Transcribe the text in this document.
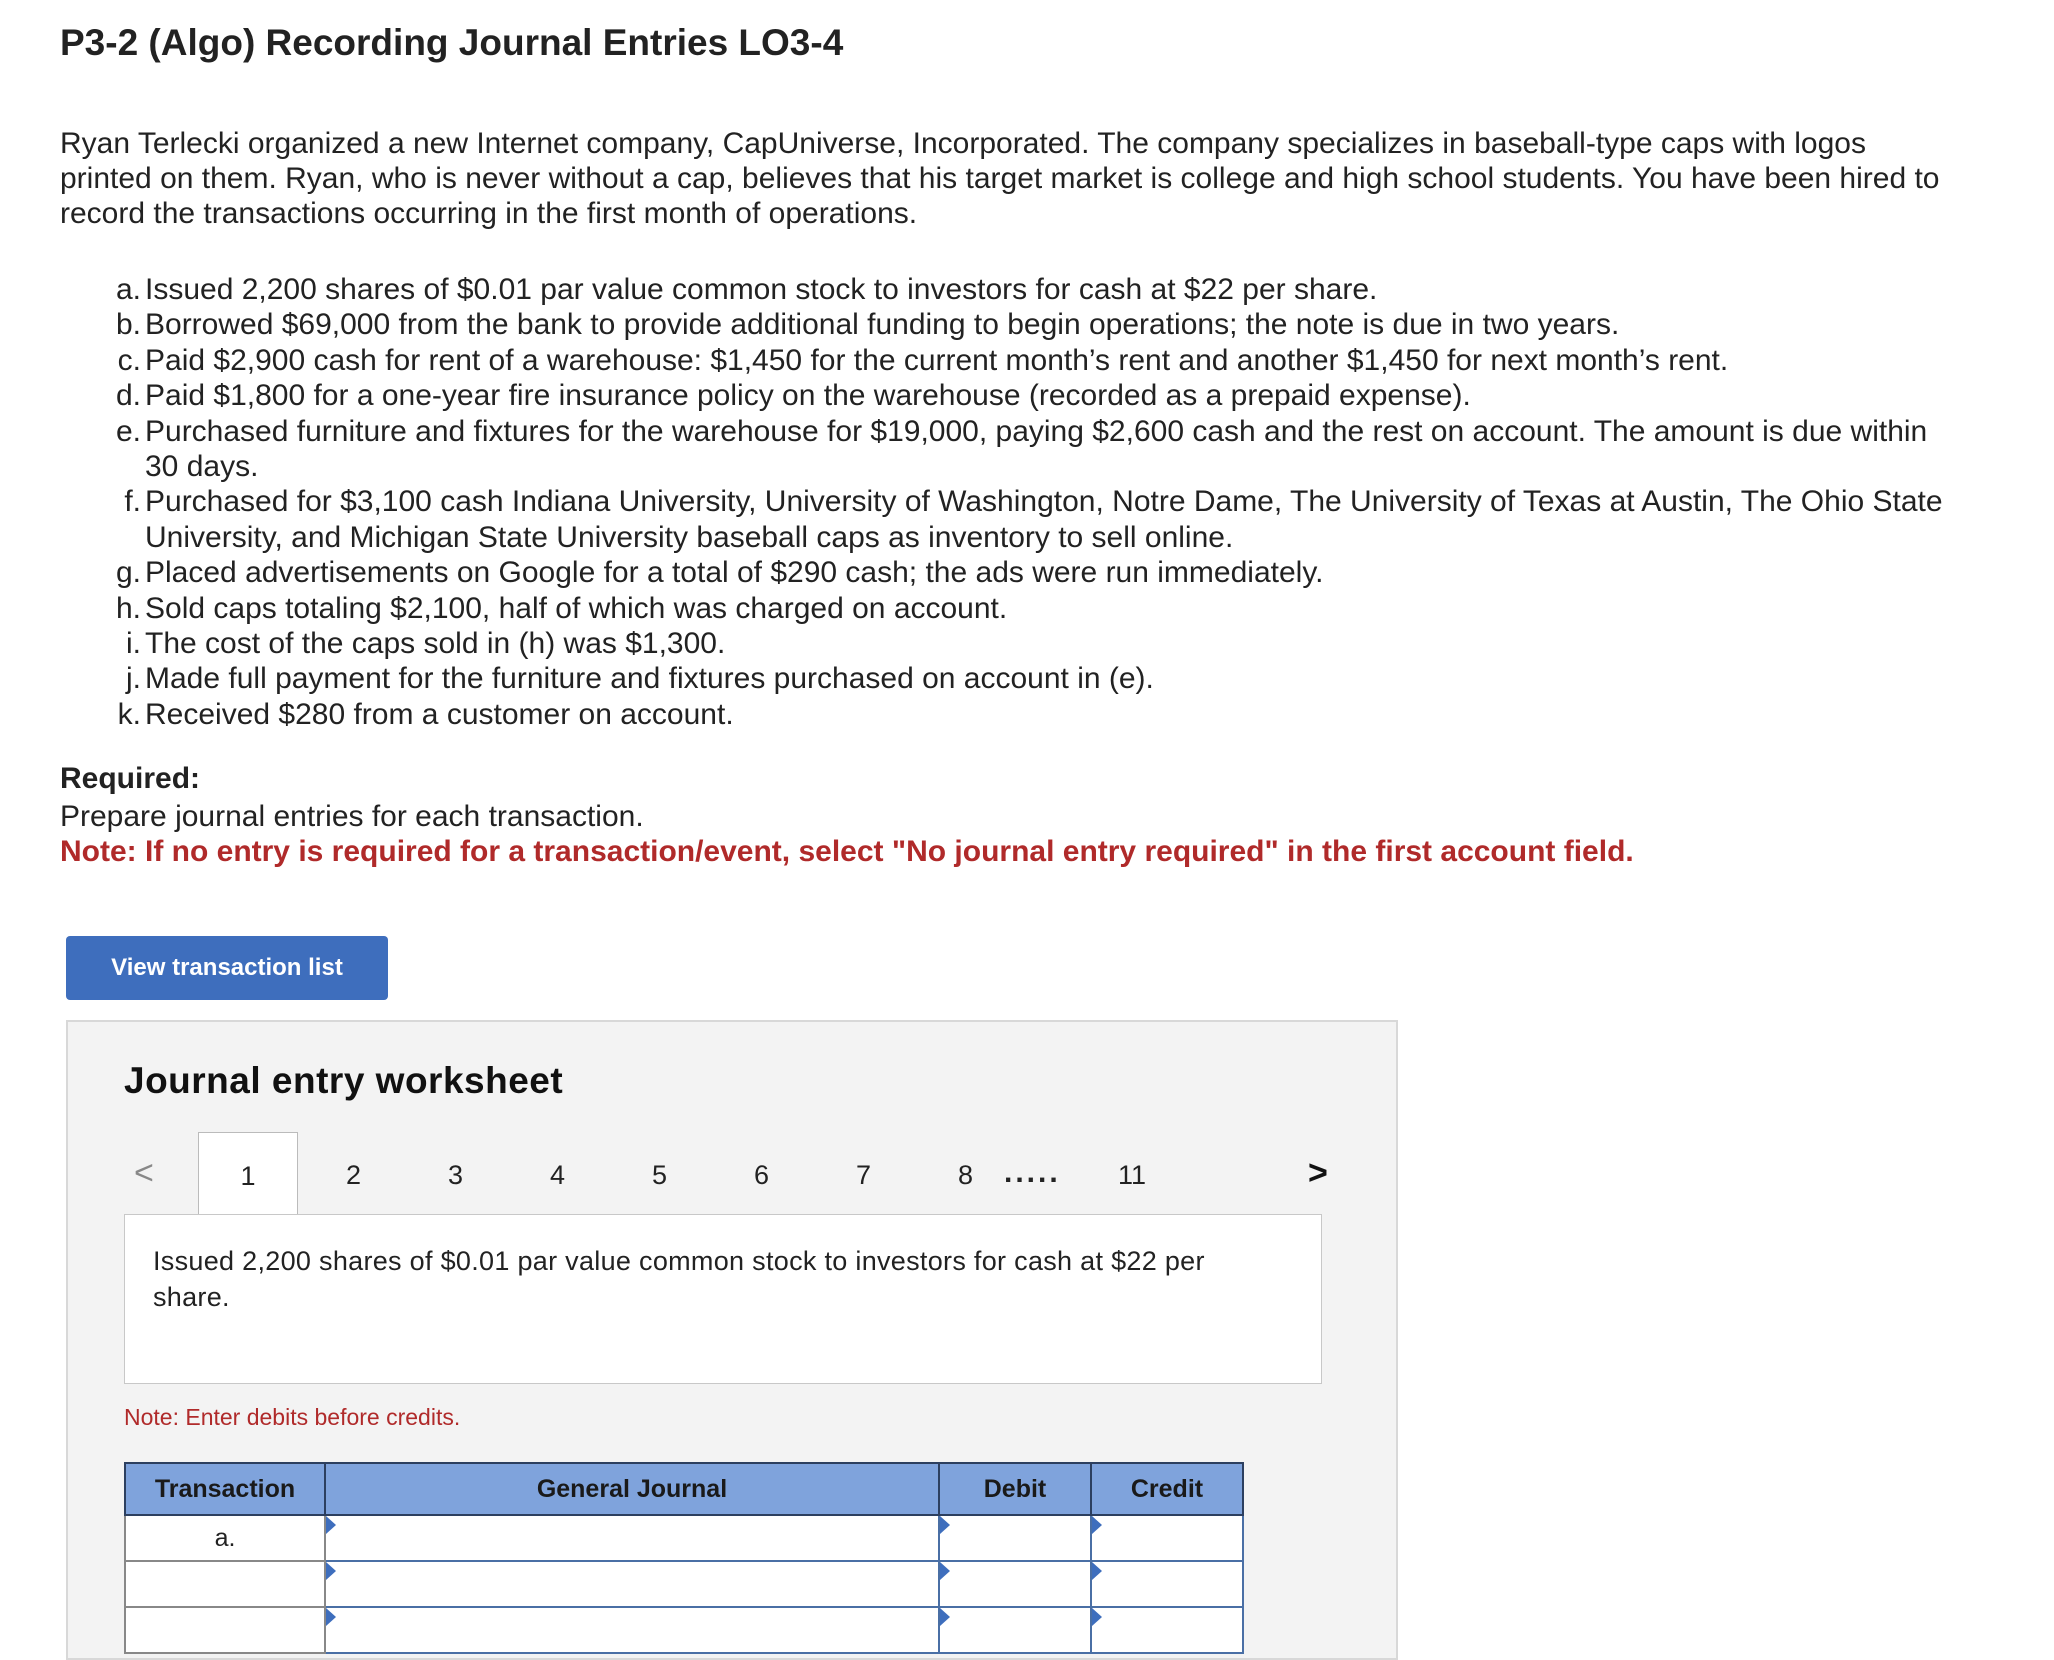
P3-2 (Algo) Recording Journal Entries LO3-4

Ryan Terlecki organized a new Internet company, CapUniverse, Incorporated. The company specializes in baseball-type caps with logos printed on them. Ryan, who is never without a cap, believes that his target market is college and high school students. You have been hired to record the transactions occurring in the first month of operations.

a. Issued 2,200 shares of $0.01 par value common stock to investors for cash at $22 per share.
b. Borrowed $69,000 from the bank to provide additional funding to begin operations; the note is due in two years.
c. Paid $2,900 cash for rent of a warehouse: $1,450 for the current month’s rent and another $1,450 for next month’s rent.
d. Paid $1,800 for a one-year fire insurance policy on the warehouse (recorded as a prepaid expense).
e. Purchased furniture and fixtures for the warehouse for $19,000, paying $2,600 cash and the rest on account. The amount is due within 30 days.
f. Purchased for $3,100 cash Indiana University, University of Washington, Notre Dame, The University of Texas at Austin, The Ohio State University, and Michigan State University baseball caps as inventory to sell online.
g. Placed advertisements on Google for a total of $290 cash; the ads were run immediately.
h. Sold caps totaling $2,100, half of which was charged on account.
i. The cost of the caps sold in (h) was $1,300.
j. Made full payment for the furniture and fixtures purchased on account in (e).
k. Received $280 from a customer on account.

Required:

Prepare journal entries for each transaction.

Note: If no entry is required for a transaction/event, select "No journal entry required" in the first account field.

View transaction list
Journal entry worksheet
<	1	2	3	4	5	6	7	8 ..... 11	>

Issued 2,200 shares of $0.01 par value common stock to investors for cash at $22 per share.

Note: Enter debits before credits.

Transaction	General Journal	Debit	Credit
a.			
